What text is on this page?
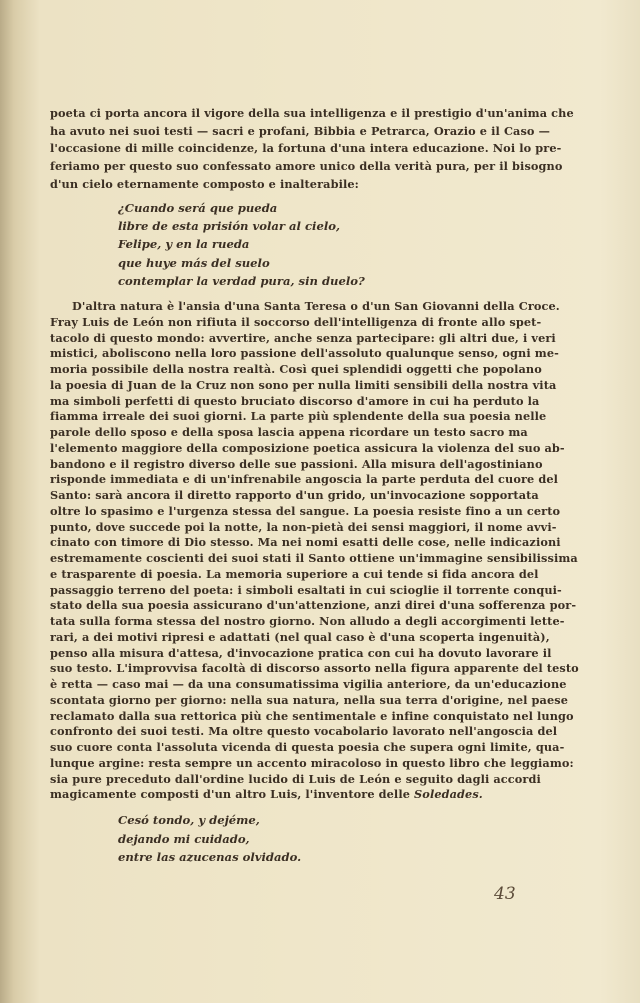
poeta ci porta ancora il vigore della sua intelligenza e il prestigio d'un'anima che
ha avuto nei suoi testi — sacri e profani, Bibbia e Petrarca, Orazio e il Caso —
l'occasione di mille coincidenze, la fortuna d'una intera educazione. Noi lo pre-
feriamo per questo suo confessato amore unico della verità pura, per il bisogno
d'un cielo eternamente composto e inalterabile:
¿Cuando será que pueda
libre de esta prisión volar al cielo,
Felipe, y en la rueda
que huye más del suelo
contemplar la verdad pura, sin duelo?
D'altra natura è l'ansia d'una Santa Teresa o d'un San Giovanni della Croce.
Fray Luis de León non rifiuta il soccorso dell'intelligenza di fronte allo spet-
tacolo di questo mondo: avvertire, anche senza partecipare: gli altri due, i veri
mistici, aboliscono nella loro passione dell'assoluto qualunque senso, ogni me-
moria possibile della nostra realtà. Così quei splendidi oggetti che popolano
la poesia di Juan de la Cruz non sono per nulla limiti sensibili della nostra vita
ma simboli perfetti di questo bruciato discorso d'amore in cui ha perduto la
fiamma irreale dei suoi giorni. La parte più splendente della sua poesia nelle
parole dello sposo e della sposa lascia appena ricordare un testo sacro ma
l'elemento maggiore della composizione poetica assicura la violenza del suo ab-
bandono e il registro diverso delle sue passioni. Alla misura dell'agostiniano
risponde immediata e di un'infrenabile angoscia la parte perduta del cuore del
Santo: sarà ancora il diretto rapporto d'un grido, un'invocazione sopportata
oltre lo spasimo e l'urgenza stessa del sangue. La poesia resiste fino a un certo
punto, dove succede poi la notte, la non-pietà dei sensi maggiori, il nome avvi-
cinato con timore di Dio stesso. Ma nei nomi esatti delle cose, nelle indicazioni
estremamente coscienti dei suoi stati il Santo ottiene un'immagine sensibilissima
e trasparente di poesia. La memoria superiore a cui tende si fida ancora del
passaggio terreno del poeta: i simboli esaltati in cui scioglie il torrente conqui-
stato della sua poesia assicurano d'un'attenzione, anzi direi d'una sofferenza por-
tata sulla forma stessa del nostro giorno. Non alludo a degli accorgimenti lette-
rari, a dei motivi ripresi e adattati (nel qual caso è d'una scoperta ingenuità),
penso alla misura d'attesa, d'invocazione pratica con cui ha dovuto lavorare il
suo testo. L'improvvisa facoltà di discorso assorto nella figura apparente del testo
è retta — caso mai — da una consumatissima vigilia anteriore, da un'educazione
scontata giorno per giorno: nella sua natura, nella sua terra d'origine, nel paese
reclamato dalla sua rettorica più che sentimentale e infine conquistato nel lungo
confronto dei suoi testi. Ma oltre questo vocabolario lavorato nell'angoscia del
suo cuore conta l'assoluta vicenda di questa poesia che supera ogni limite, qua-
lunque argine: resta sempre un accento miracoloso in questo libro che leggiamo:
sia pure preceduto dall'ordine lucido di Luis de León e seguito dagli accordi
magicamente composti d'un altro Luis, l'inventore delle Soledades.
Cesó tondo, y dejéme,
dejando mi cuidado,
entre las azucenas olvidado.
43
